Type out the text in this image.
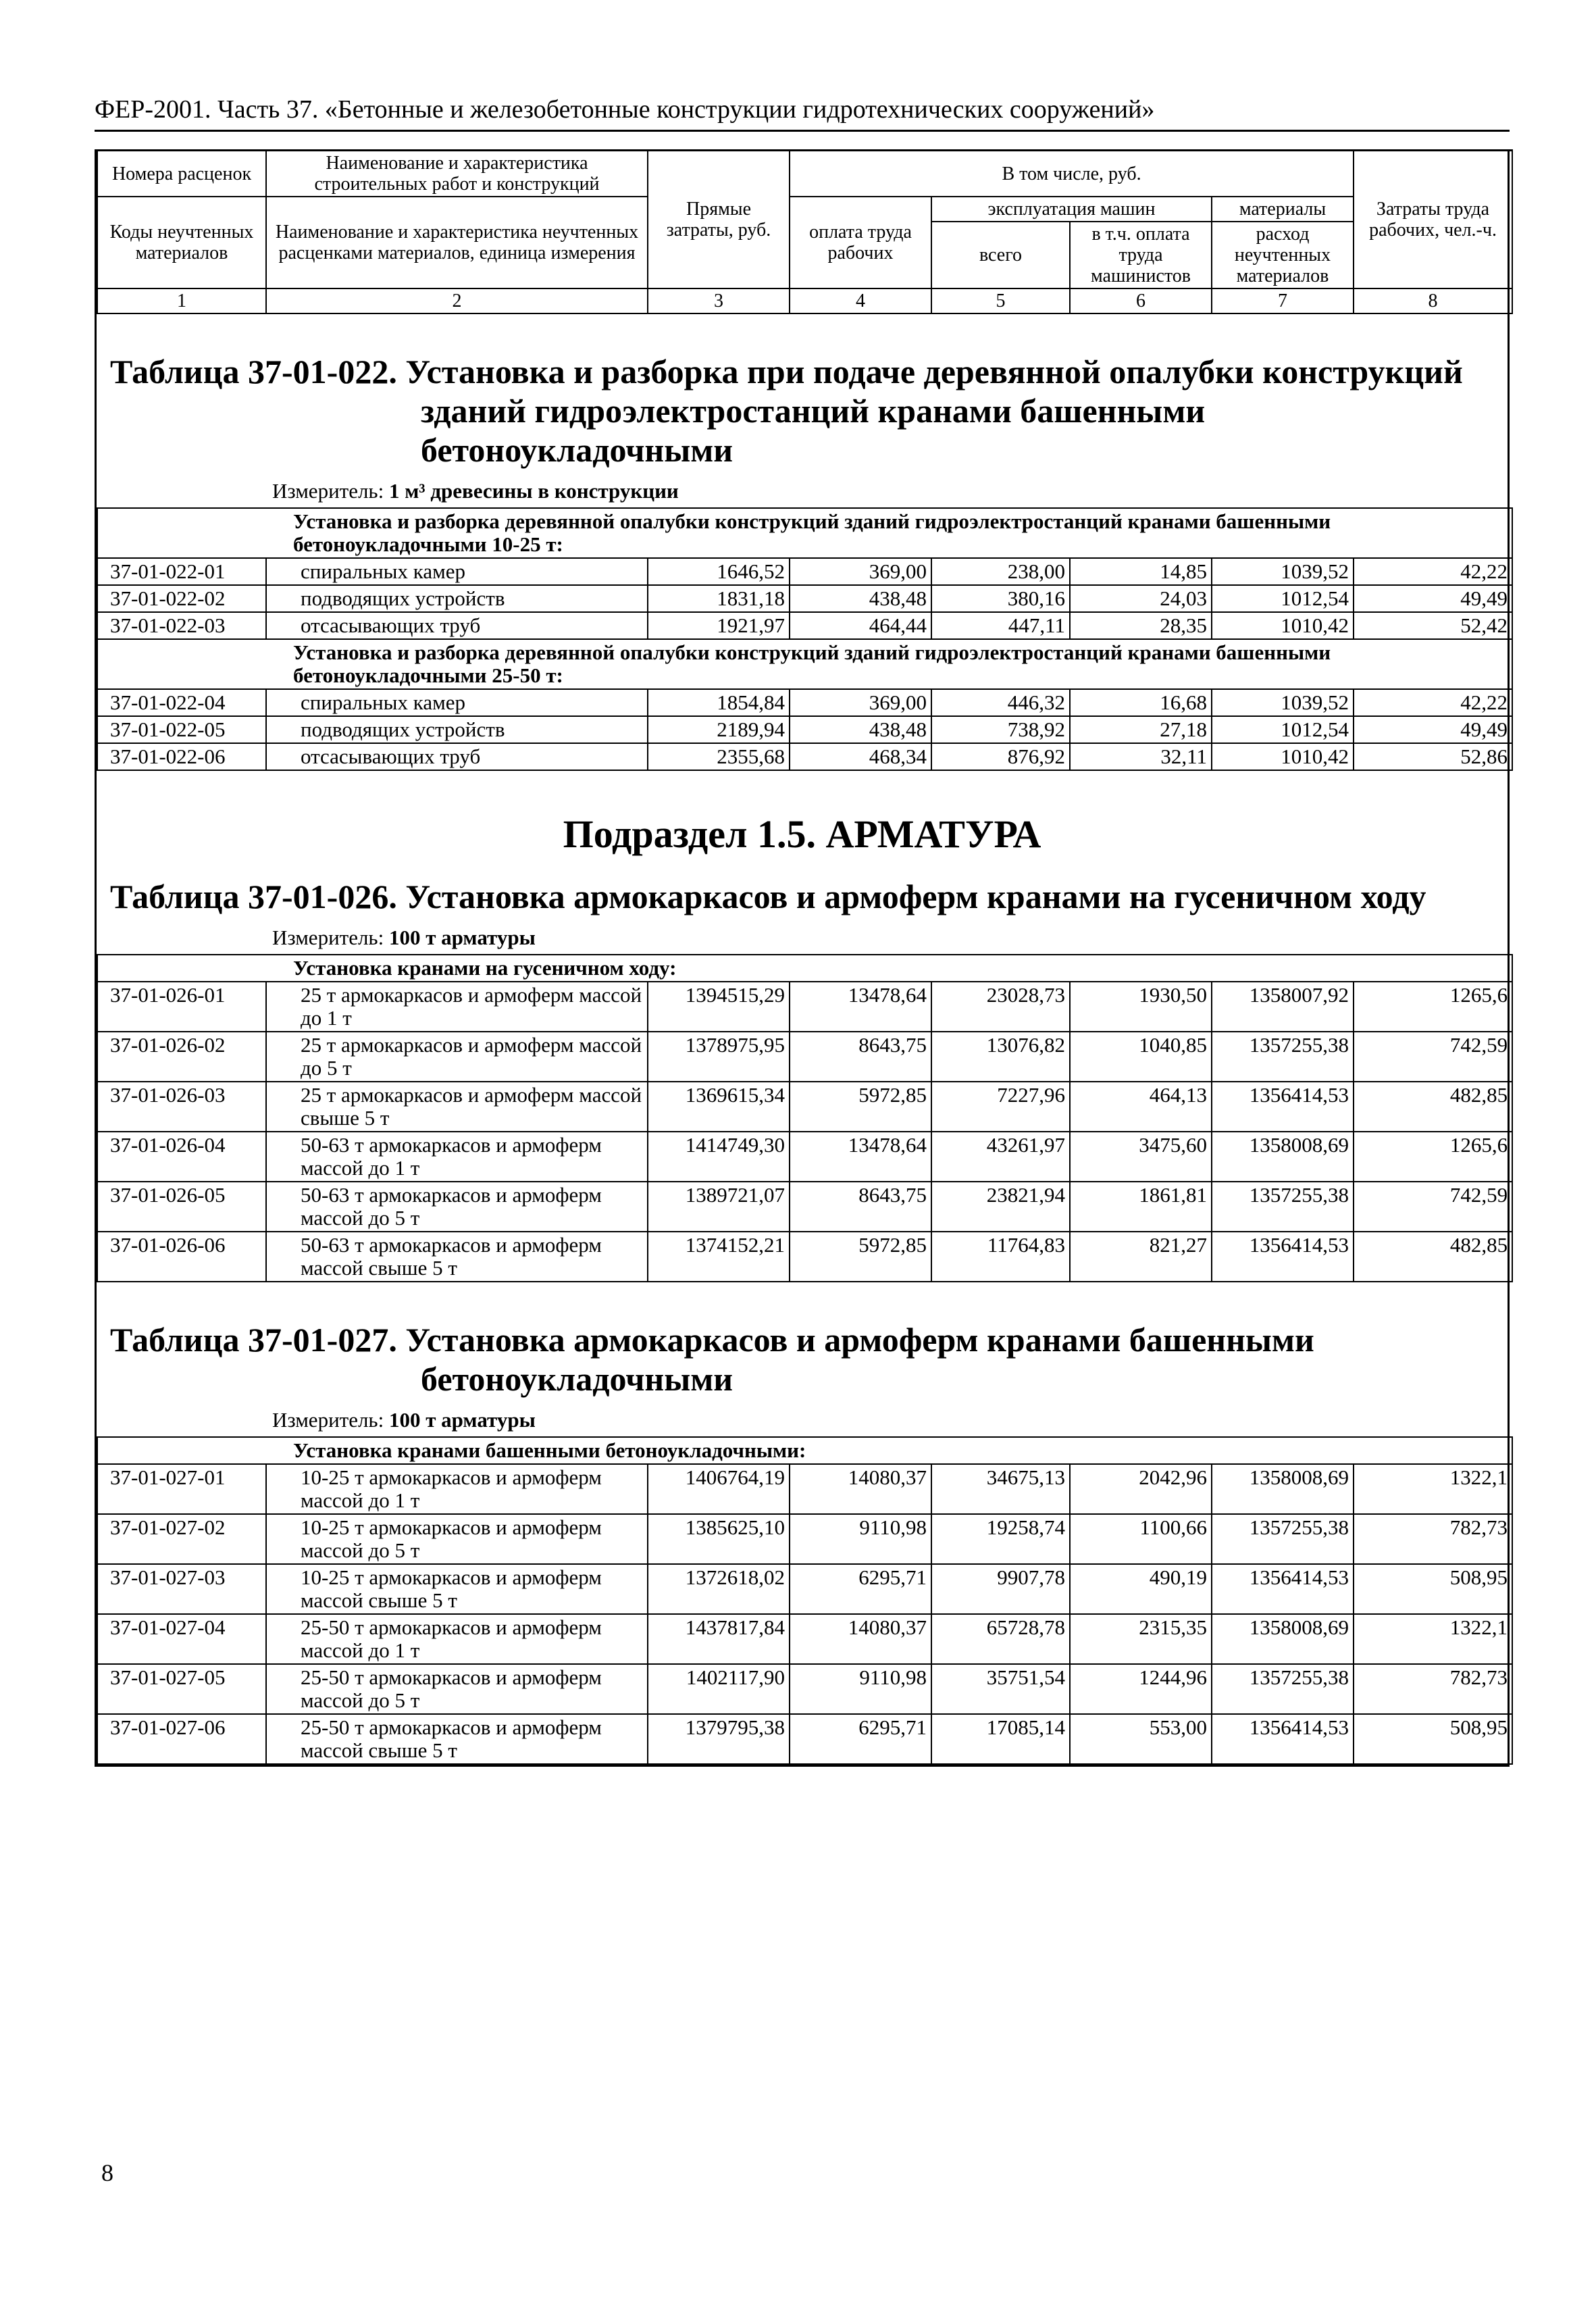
ФЕР-2001. Часть 37. «Бетонные и железобетонные конструкции гидротехнических сооружений»
Номера расценок	Наименование и характеристика строительных работ и конструкций	Прямые затраты, руб.	В том числе, руб.				Затраты труда рабочих, чел.-ч.
Коды неучтенных материалов	Наименование и характеристика неучтенных расценками материалов, единица измерения		оплата труда рабочих	эксплуатация машин		материалы	
				всего	в т.ч. оплата труда машинистов	расход неучтенных материалов	
1	2	3	4	5	6	7	8
Таблица 37-01-022. Установка и разборка при подаче деревянной опалубки конструкций
зданий гидроэлектростанций кранами башенными
бетоноукладочными
Измеритель: 1 м³ древесины в конструкции
	Установка и разборка деревянной опалубки конструкций зданий гидроэлектростанций кранами башенными бетоноукладочными 10-25 т:						
37-01-022-01	спиральных камер	1646,52	369,00	238,00	14,85	1039,52	42,22
37-01-022-02	подводящих устройств	1831,18	438,48	380,16	24,03	1012,54	49,49
37-01-022-03	отсасывающих труб	1921,97	464,44	447,11	28,35	1010,42	52,42
	Установка и разборка деревянной опалубки конструкций зданий гидроэлектростанций кранами башенными бетоноукладочными 25-50 т:						
37-01-022-04	спиральных камер	1854,84	369,00	446,32	16,68	1039,52	42,22
37-01-022-05	подводящих устройств	2189,94	438,48	738,92	27,18	1012,54	49,49
37-01-022-06	отсасывающих труб	2355,68	468,34	876,92	32,11	1010,42	52,86
Подраздел 1.5. АРМАТУРА
Таблица 37-01-026. Установка армокаркасов и армоферм кранами на гусеничном ходу
Измеритель: 100 т арматуры
	Установка кранами на гусеничном ходу:						
37-01-026-01	25 т армокаркасов и армоферм массой до 1 т	1394515,29	13478,64	23028,73	1930,50	1358007,92	1265,6
37-01-026-02	25 т армокаркасов и армоферм массой до 5 т	1378975,95	8643,75	13076,82	1040,85	1357255,38	742,59
37-01-026-03	25 т армокаркасов и армоферм массой свыше 5 т	1369615,34	5972,85	7227,96	464,13	1356414,53	482,85
37-01-026-04	50-63 т армокаркасов и армоферм массой до 1 т	1414749,30	13478,64	43261,97	3475,60	1358008,69	1265,6
37-01-026-05	50-63 т армокаркасов и армоферм массой до 5 т	1389721,07	8643,75	23821,94	1861,81	1357255,38	742,59
37-01-026-06	50-63 т армокаркасов и армоферм массой свыше 5 т	1374152,21	5972,85	11764,83	821,27	1356414,53	482,85
Таблица 37-01-027. Установка армокаркасов и армоферм кранами башенными
бетоноукладочными
Измеритель: 100 т арматуры
	Установка кранами башенными бетоноукладочными:						
37-01-027-01	10-25 т армокаркасов и армоферм массой до 1 т	1406764,19	14080,37	34675,13	2042,96	1358008,69	1322,1
37-01-027-02	10-25 т армокаркасов и армоферм массой до 5 т	1385625,10	9110,98	19258,74	1100,66	1357255,38	782,73
37-01-027-03	10-25 т армокаркасов и армоферм массой свыше 5 т	1372618,02	6295,71	9907,78	490,19	1356414,53	508,95
37-01-027-04	25-50 т армокаркасов и армоферм массой до 1 т	1437817,84	14080,37	65728,78	2315,35	1358008,69	1322,1
37-01-027-05	25-50 т армокаркасов и армоферм массой до 5 т	1402117,90	9110,98	35751,54	1244,96	1357255,38	782,73
37-01-027-06	25-50 т армокаркасов и армоферм массой свыше 5 т	1379795,38	6295,71	17085,14	553,00	1356414,53	508,95
8
